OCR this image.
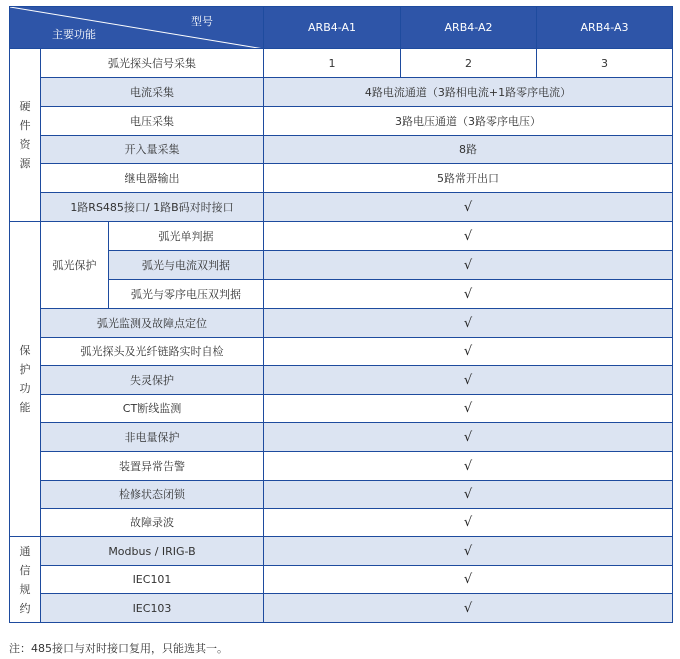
型号
主要功能			ARB4-A1	ARB4-A2	ARB4-A3

硬
件
资
源	弧光探头信号采集		1	2	3
	电流采集		4路电流通道（3路相电流+1路零序电流）		
	电压采集		3路电压通道（3路零序电压）		
	开入量采集		8路		
	继电器输出		5路常开出口		
	1路RS485接口/ 1路B码对时接口		√		

保
护
功
能	弧光保护	弧光单判据	√		
		弧光与电流双判据	√		
		弧光与零序电压双判据	√		
	弧光监测及故障点定位		√		
	弧光探头及光纤链路实时自检		√		
	失灵保护		√		
	CT断线监测		√		
	非电量保护		√		
	装置异常告警		√		
	检修状态闭锁		√		
	故障录波		√		

通
信
规
约	Modbus / IRIG-B		√		
	IEC101		√		
	IEC103		√		
注：485接口与对时接口复用，只能选其一。
